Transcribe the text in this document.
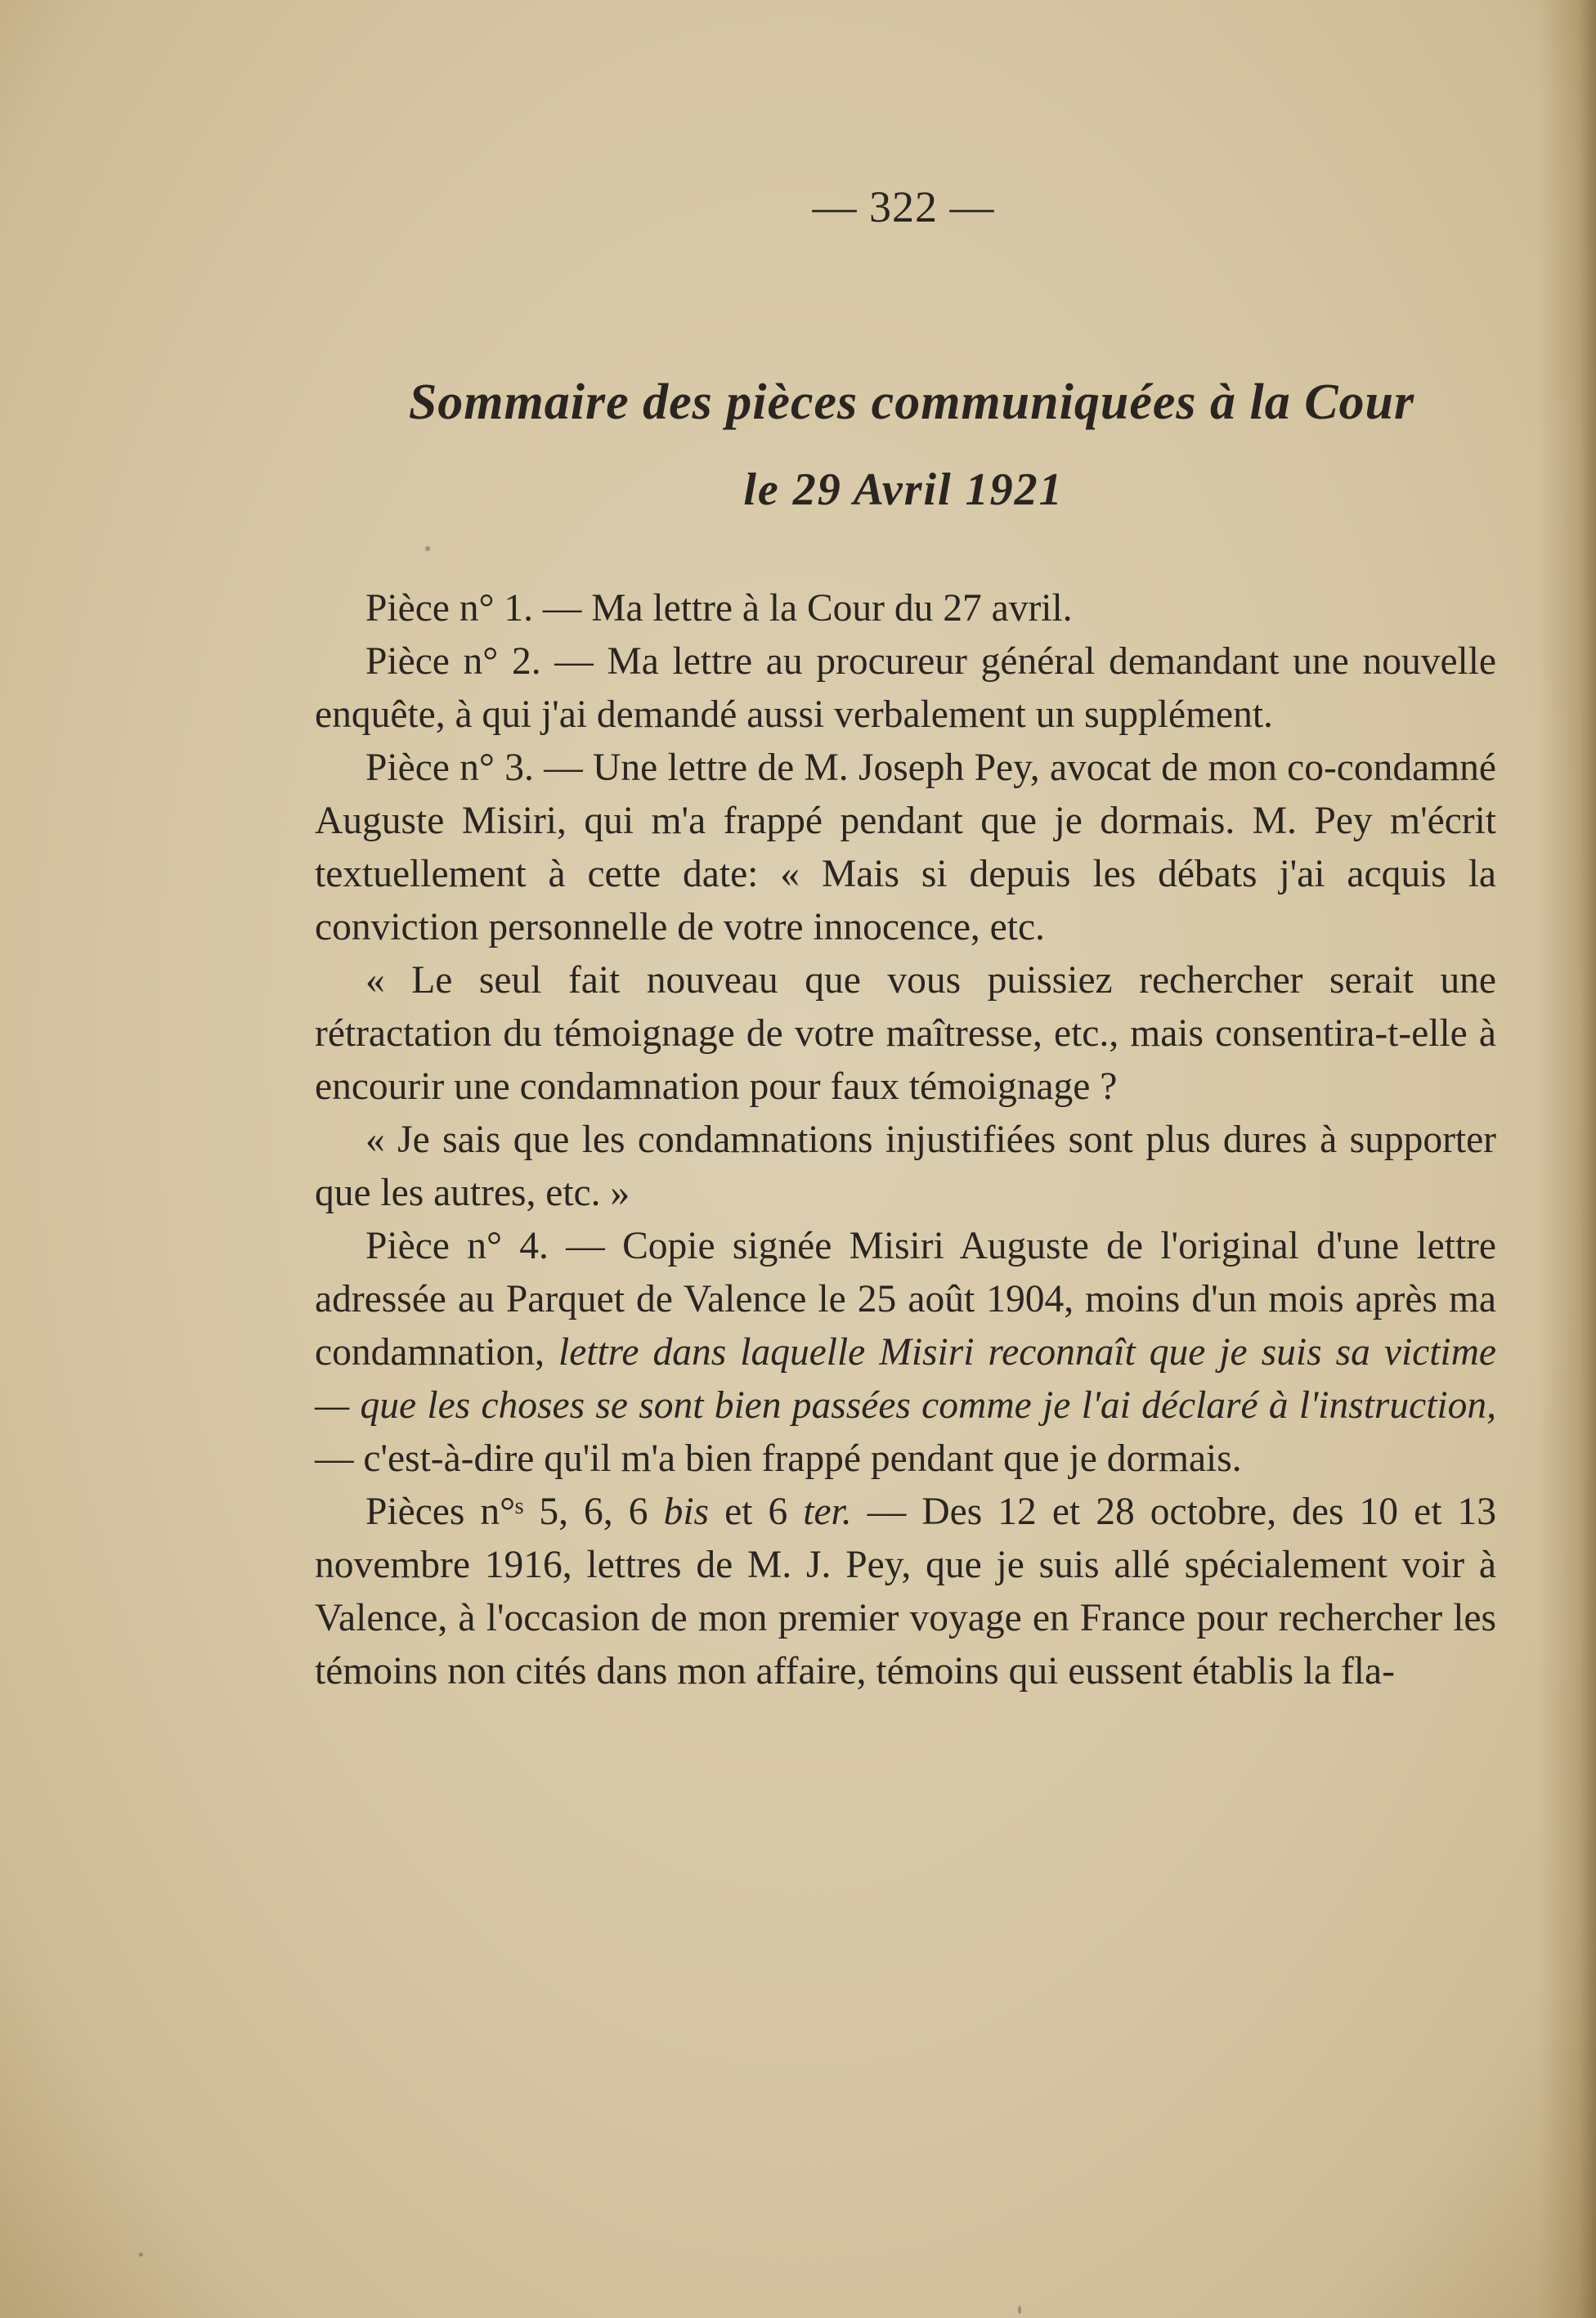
— 322 —
Sommaire des pièces communiquées à la Cour
le 29 Avril 1921

Pièce n° 1. — Ma lettre à la Cour du 27 avril.

Pièce n° 2. — Ma lettre au procureur général demandant une nouvelle enquête, à qui j'ai demandé aussi verbalement un supplément.

Pièce n° 3. — Une lettre de M. Joseph Pey, avocat de mon co-condamné Auguste Misiri, qui m'a frappé pendant que je dormais. M. Pey m'écrit textuellement à cette date: « Mais si depuis les débats j'ai acquis la conviction personnelle de votre innocence, etc.

« Le seul fait nouveau que vous puissiez rechercher serait une rétractation du témoignage de votre maîtresse, etc., mais consentira-t-elle à encourir une condamnation pour faux témoignage ?

« Je sais que les condamnations injustifiées sont plus dures à supporter que les autres, etc. »

Pièce n° 4. — Copie signée Misiri Auguste de l'original d'une lettre adressée au Parquet de Valence le 25 août 1904, moins d'un mois après ma condamnation, lettre dans laquelle Misiri reconnaît que je suis sa victime — que les choses se sont bien passées comme je l'ai déclaré à l'instruction, — c'est-à-dire qu'il m'a bien frappé pendant que je dormais.

Pièces n°ˢ 5, 6, 6 bis et 6 ter. — Des 12 et 28 octobre, des 10 et 13 novembre 1916, lettres de M. J. Pey, que je suis allé spécialement voir à Valence, à l'occasion de mon premier voyage en France pour rechercher les témoins non cités dans mon affaire, témoins qui eussent établis la fla-
